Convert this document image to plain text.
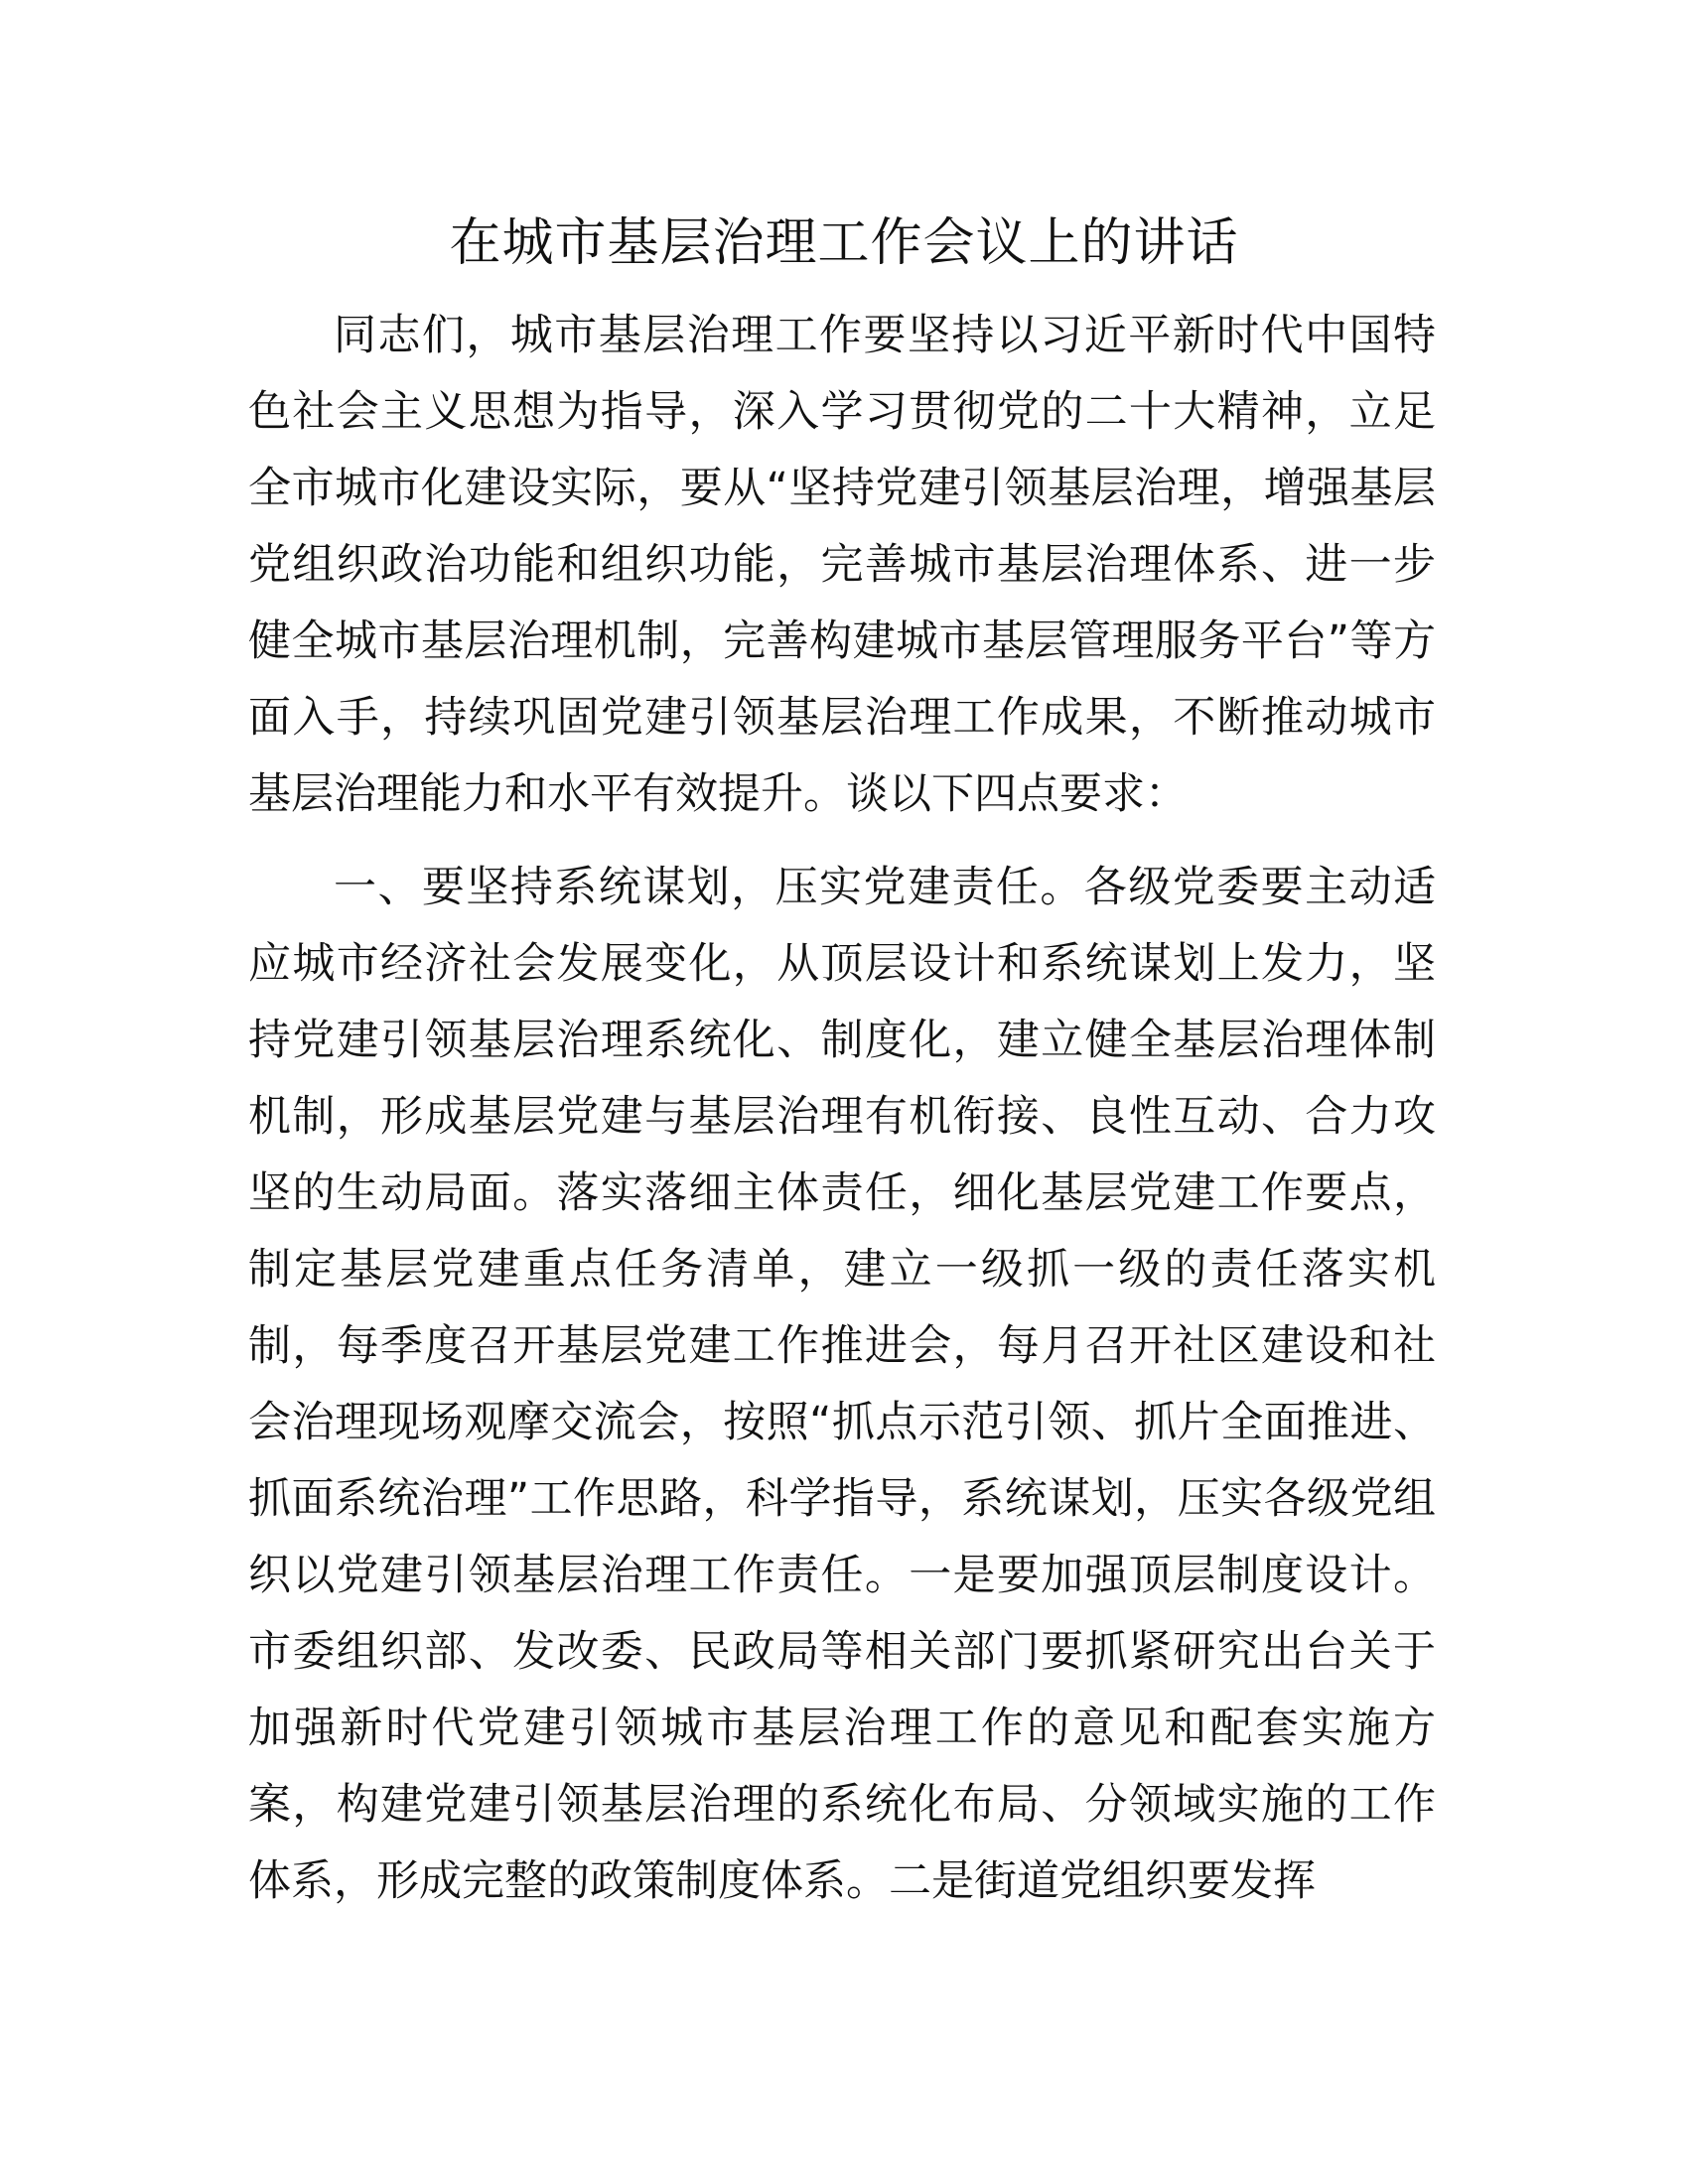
在城市基层治理工作会议上的讲话

同志们，城市基层治理工作要坚持以习近平新时代中国特色社会主义思想为指导，深入学习贯彻党的二十大精神，立足全市城市化建设实际，要从“坚持党建引领基层治理，增强基层党组织政治功能和组织功能，完善城市基层治理体系、进一步健全城市基层治理机制，完善构建城市基层管理服务平台”等方面入手，持续巩固党建引领基层治理工作成果，不断推动城市基层治理能力和水平有效提升。谈以下四点要求：

一、要坚持系统谋划，压实党建责任。各级党委要主动适应城市经济社会发展变化，从顶层设计和系统谋划上发力，坚持党建引领基层治理系统化、制度化，建立健全基层治理体制机制，形成基层党建与基层治理有机衔接、良性互动、合力攻坚的生动局面。落实落细主体责任，细化基层党建工作要点，制定基层党建重点任务清单，建立一级抓一级的责任落实机制，每季度召开基层党建工作推进会，每月召开社区建设和社会治理现场观摩交流会，按照“抓点示范引领、抓片全面推进、抓面系统治理”工作思路，科学指导，系统谋划，压实各级党组织以党建引领基层治理工作责任。一是要加强顶层制度设计。市委组织部、发改委、民政局等相关部门要抓紧研究出台关于加强新时代党建引领城市基层治理工作的意见和配套实施方案，构建党建引领基层治理的系统化布局、分领域实施的工作体系，形成完整的政策制度体系。二是街道党组织要发挥
